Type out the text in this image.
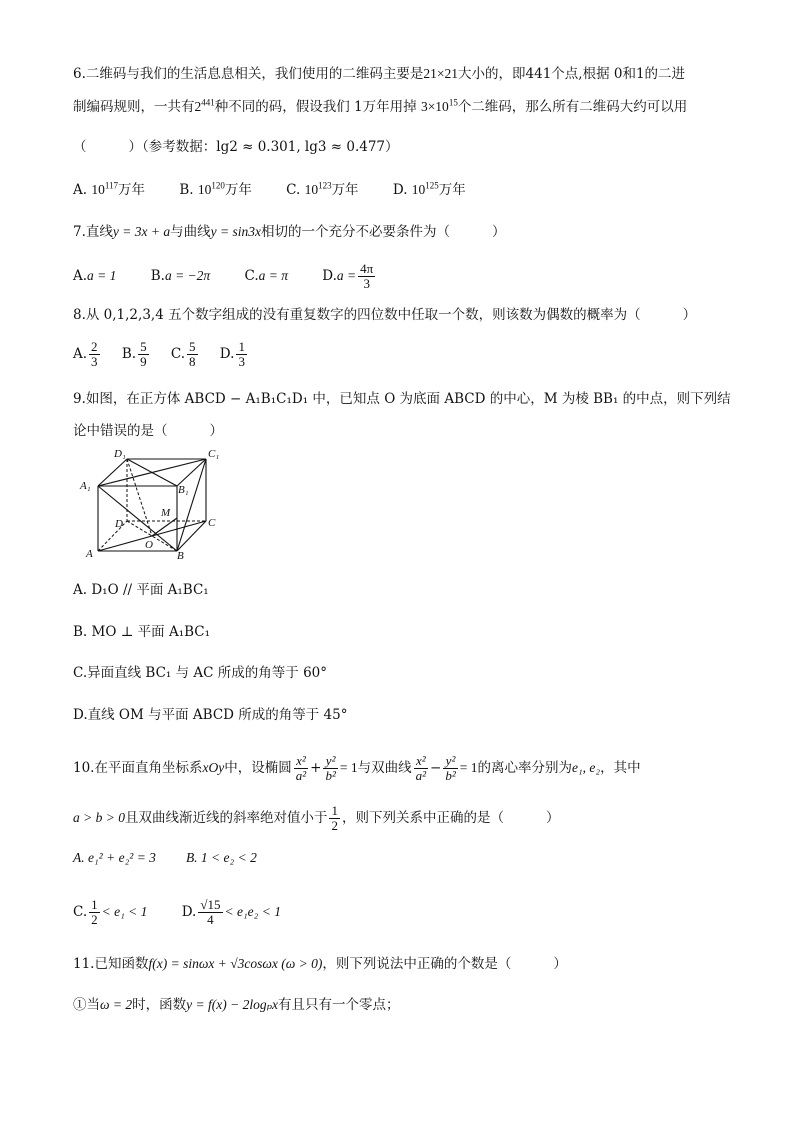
6.二维码与我们的生活息息相关，我们使用的二维码主要是21×21大小的，即441个点,根据 0和1的二进
制编码规则，一共有$2^{441}$种不同的码，假设我们 1万年用掉 $3\times 10^{15}$个二维码，那么所有二维码大约可以用
（	）（参考数据：lg2 ≈ 0.301, lg3 ≈ 0.477）
A. $10^{117}$万年	B. $10^{120}$万年	C. $10^{123}$万年	D. $10^{125}$万年
7.直线y = 3x + a与曲线y = sin3x相切的一个充分不必要条件为（	）
A.a = 1	B.a = −2π	C.a = π	$D.a = \frac{4\pi}{3}$
8.从 0,1,2,3,4 五个数字组成的没有重复数字的四位数中任取一个数，则该数为偶数的概率为（	）
A. $\frac{2}{3} B$. $\frac{5}{9} C$. $\frac{5}{8} D$. $\frac{1}{3}$
9.如图，在正方体 ABCD − A₁B₁C₁D₁ 中，已知点 O 为底面 ABCD 的中心，M 为棱 BB₁ 的中点，则下列结
论中错误的是（	）
D₁	C₁
A₁	B₁
M
D	C
A
O
B
A. D₁O // 平面 A₁BC₁
B. MO ⊥ 平面 A₁BC₁
C.异面直线 BC₁ 与 AC 所成的角等于 60°
D.直线 OM 与平面 ABCD 所成的角等于 45°
10.在平面直角坐标系xOy中，设椭圆 $\frac{\text{x²}}{\text{a²}} + \frac{\text{y²}}{\text{b²}} = 1$与双曲线 $\frac{\text{x²}}{\text{a²}} - \frac{\text{y²}}{\text{b²}} = 1$的离心率分别为e₁, e₂，其中
a > b > 0且双曲线渐近线的斜率绝对值小于 $\frac{1}{2}$ ，则下列关系中正确的是（	）
A. e₁² + e₂² = 3 B. 1 < e₂ < 2
C. $\frac{1}{2} < e_1 < 1$	D. $\frac{√15}{4} < e_1e_2 < 1$
11.已知函数f(x) = sinωx + √3cosωx (ω > 0)，则下列说法中正确的个数是（	）
①当ω = 2时，函数y = f(x) − 2logₚx有且只有一个零点；
